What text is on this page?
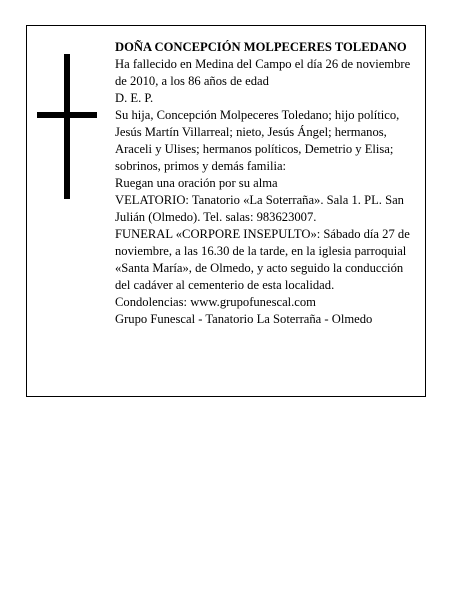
DOÑA CONCEPCIÓN MOLPECERES TOLEDANO

Ha fallecido en Medina del Campo el día 26 de noviembre de 2010, a los 86 años de edad

D. E. P.

Su hija, Concepción Molpeceres Toledano; hijo político, Jesús Martín Villarreal; nieto, Jesús Ángel; hermanos, Araceli y Ulises; hermanos políticos, Demetrio y Elisa; sobrinos, primos y demás familia:

Ruegan una oración por su alma

VELATORIO: Tanatorio «La Soterraña». Sala 1. PL. San Julián (Olmedo). Tel. salas: 983623007.

FUNERAL «CORPORE INSEPULTO»: Sábado día 27 de noviembre, a las 16.30 de la tarde, en la iglesia parroquial «Santa María», de Olmedo, y acto seguido la conducción del cadáver al cementerio de esta localidad.

Condolencias: www.grupofunescal.com

Grupo Funescal - Tanatorio La Soterraña - Olmedo
